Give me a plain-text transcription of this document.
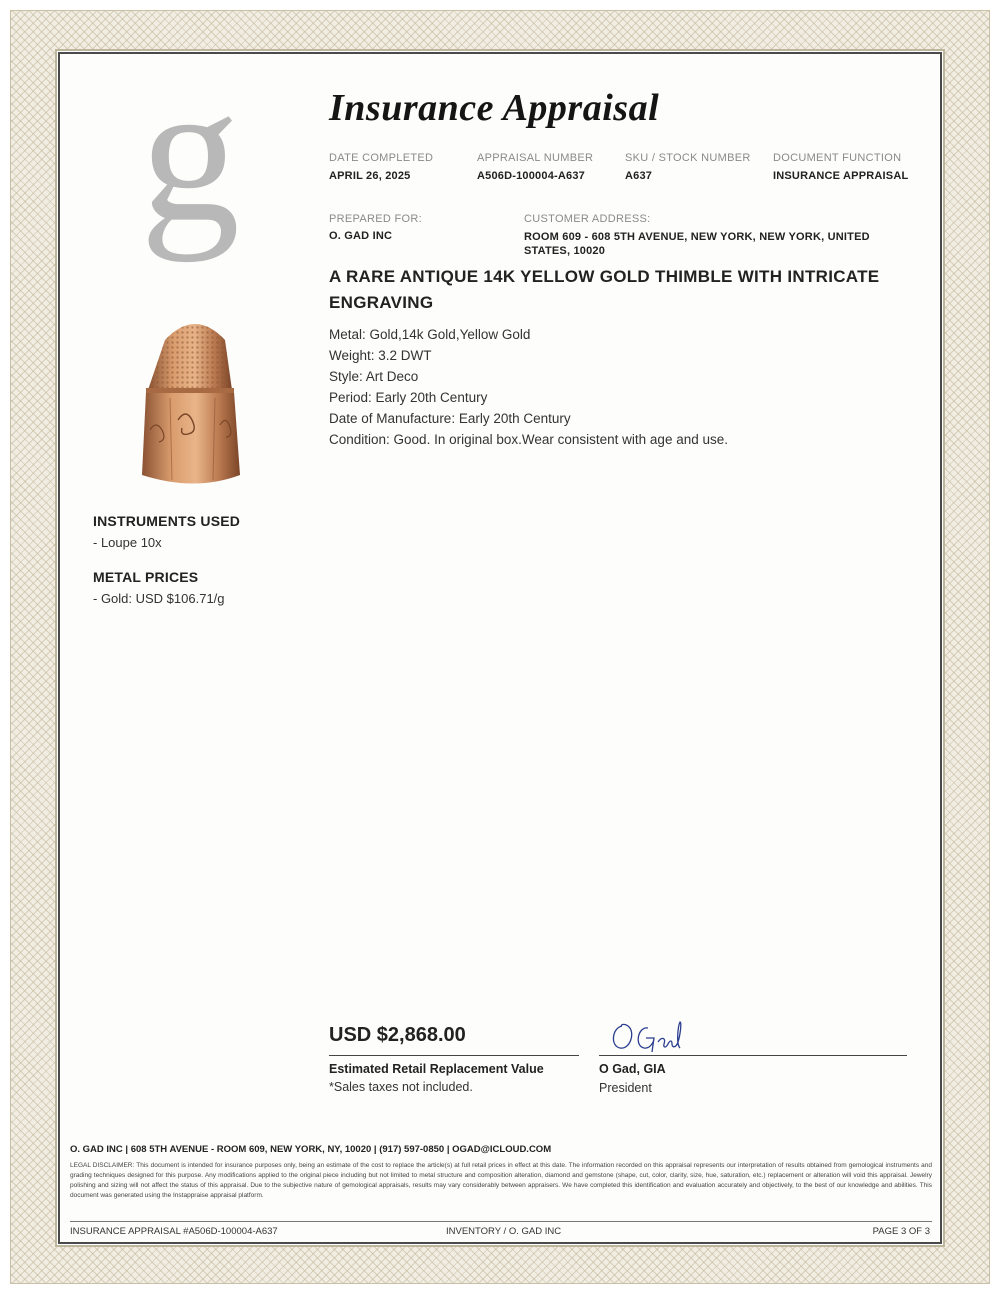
g
INSTRUMENTS USED
- Loupe 10x
METAL PRICES
- Gold: USD $106.71/g
Insurance Appraisal
DATE COMPLETED
APRIL 26, 2025
APPRAISAL NUMBER
A506D-100004-A637
SKU / STOCK NUMBER
A637
DOCUMENT FUNCTION
INSURANCE APPRAISAL
PREPARED FOR:
O. GAD INC
CUSTOMER ADDRESS:
ROOM 609 - 608 5TH AVENUE, NEW YORK, NEW YORK, UNITED STATES, 10020
A RARE ANTIQUE 14K YELLOW GOLD THIMBLE WITH INTRICATE ENGRAVING
Metal: Gold,14k Gold,Yellow Gold
Weight: 3.2 DWT
Style: Art Deco
Period: Early 20th Century
Date of Manufacture: Early 20th Century
Condition: Good. In original box.Wear consistent with age and use.
USD $2,868.00
Estimated Retail Replacement Value
*Sales taxes not included.
O Gad, GIA
President
O. GAD INC | 608 5TH AVENUE - ROOM 609, NEW YORK, NY, 10020 | (917) 597-0850 | OGAD@ICLOUD.COM
LEGAL DISCLAIMER: This document is intended for insurance purposes only, being an estimate of the cost to replace the article(s) at full retail prices in effect at this date. The information recorded on this appraisal represents our interpretation of results obtained from gemological instruments and grading techniques designed for this purpose. Any modifications applied to the original piece including but not limited to metal structure and composition alteration, diamond and gemstone (shape, cut, color, clarity, size, hue, saturation, etc.) replacement or alteration will void this appraisal. Jewelry polishing and sizing will not affect the status of this appraisal. Due to the subjective nature of gemological appraisals, results may vary considerably between appraisers. We have completed this identification and evaluation accurately and objectively, to the best of our knowledge and abilities. This document was generated using the Instappraise appraisal platform.
INSURANCE APPRAISAL #A506D-100004-A637	INVENTORY / O. GAD INC	PAGE 3 OF 3
